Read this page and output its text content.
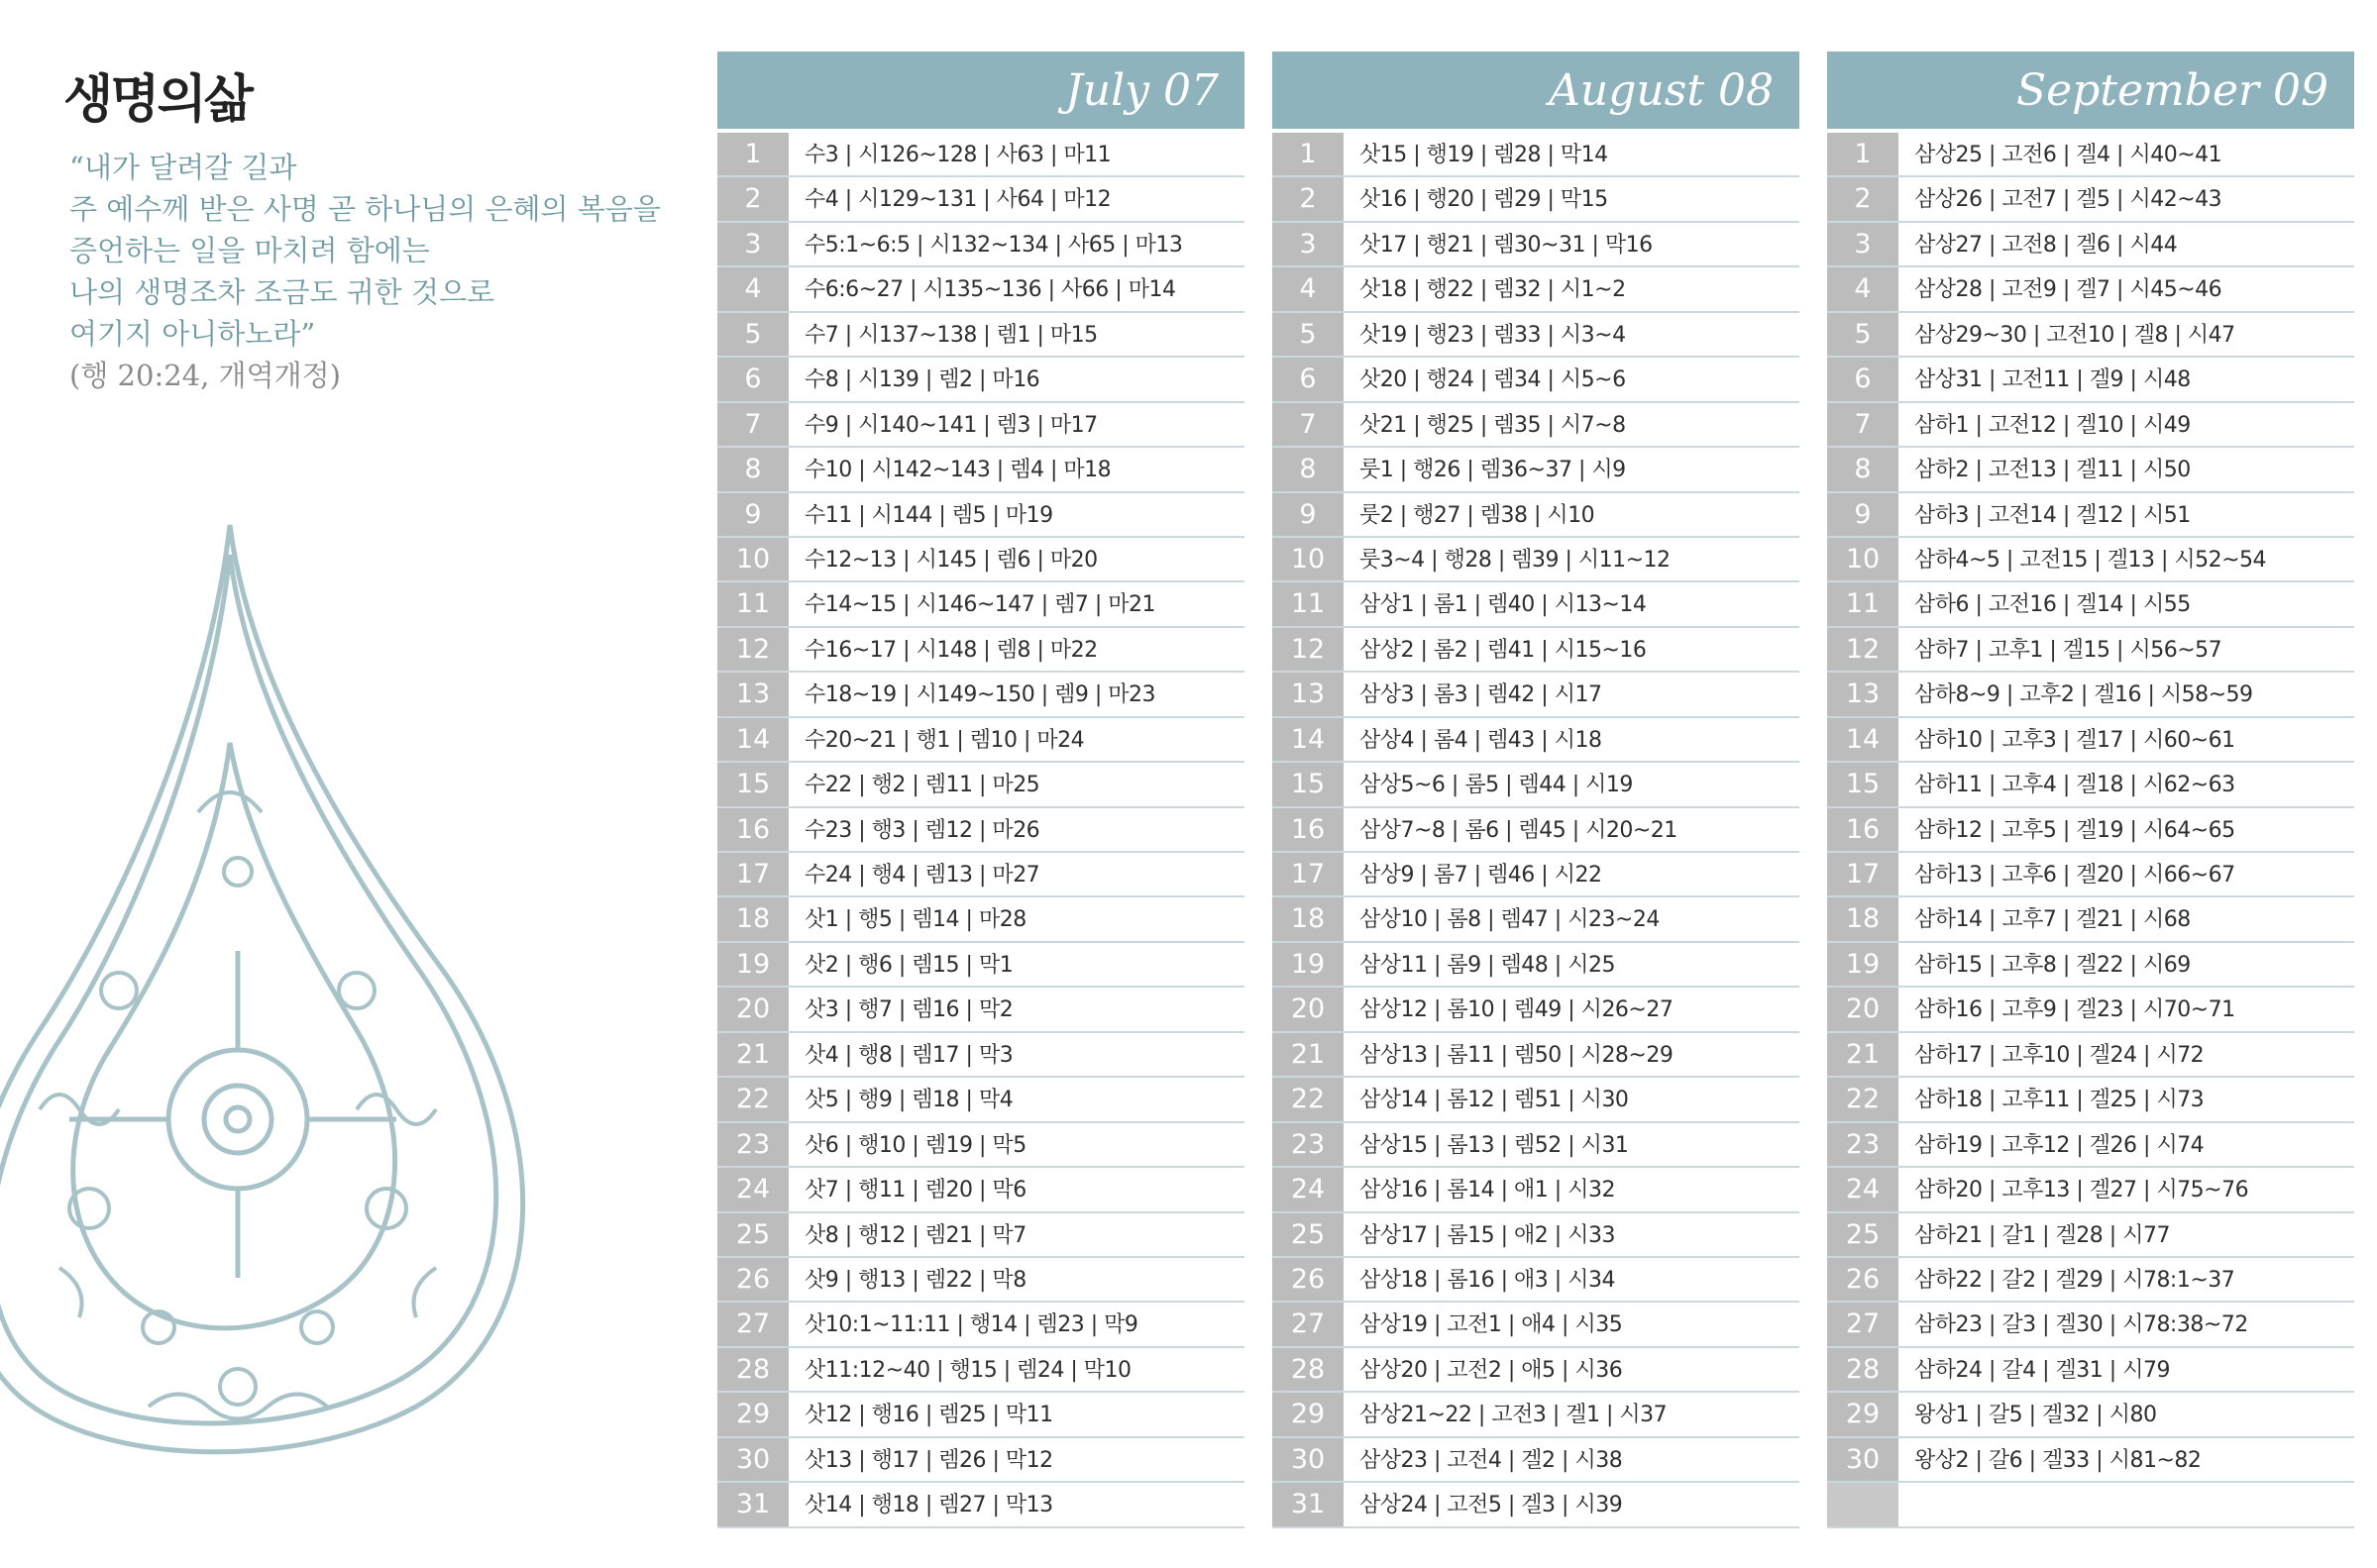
생명의삶
“내가 달려갈 길과
주 예수께 받은 사명 곧 하나님의 은혜의 복음을
증언하는 일을 마치려 함에는
나의 생명조차 조금도 귀한 것으로
여기지 아니하노라”
(행 20:24, 개역개정)
July 07
1	수3 | 시126~128 | 사63 | 마11
2	수4 | 시129~131 | 사64 | 마12
3	수5:1~6:5 | 시132~134 | 사65 | 마13
4	수6:6~27 | 시135~136 | 사66 | 마14
5	수7 | 시137~138 | 렘1 | 마15
6	수8 | 시139 | 렘2 | 마16
7	수9 | 시140~141 | 렘3 | 마17
8	수10 | 시142~143 | 렘4 | 마18
9	수11 | 시144 | 렘5 | 마19
10	수12~13 | 시145 | 렘6 | 마20
11	수14~15 | 시146~147 | 렘7 | 마21
12	수16~17 | 시148 | 렘8 | 마22
13	수18~19 | 시149~150 | 렘9 | 마23
14	수20~21 | 행1 | 렘10 | 마24
15	수22 | 행2 | 렘11 | 마25
16	수23 | 행3 | 렘12 | 마26
17	수24 | 행4 | 렘13 | 마27
18	삿1 | 행5 | 렘14 | 마28
19	삿2 | 행6 | 렘15 | 막1
20	삿3 | 행7 | 렘16 | 막2
21	삿4 | 행8 | 렘17 | 막3
22	삿5 | 행9 | 렘18 | 막4
23	삿6 | 행10 | 렘19 | 막5
24	삿7 | 행11 | 렘20 | 막6
25	삿8 | 행12 | 렘21 | 막7
26	삿9 | 행13 | 렘22 | 막8
27	삿10:1~11:11 | 행14 | 렘23 | 막9
28	삿11:12~40 | 행15 | 렘24 | 막10
29	삿12 | 행16 | 렘25 | 막11
30	삿13 | 행17 | 렘26 | 막12
31	삿14 | 행18 | 렘27 | 막13
August 08
1	삿15 | 행19 | 렘28 | 막14
2	삿16 | 행20 | 렘29 | 막15
3	삿17 | 행21 | 렘30~31 | 막16
4	삿18 | 행22 | 렘32 | 시1~2
5	삿19 | 행23 | 렘33 | 시3~4
6	삿20 | 행24 | 렘34 | 시5~6
7	삿21 | 행25 | 렘35 | 시7~8
8	룻1 | 행26 | 렘36~37 | 시9
9	룻2 | 행27 | 렘38 | 시10
10	룻3~4 | 행28 | 렘39 | 시11~12
11	삼상1 | 롬1 | 렘40 | 시13~14
12	삼상2 | 롬2 | 렘41 | 시15~16
13	삼상3 | 롬3 | 렘42 | 시17
14	삼상4 | 롬4 | 렘43 | 시18
15	삼상5~6 | 롬5 | 렘44 | 시19
16	삼상7~8 | 롬6 | 렘45 | 시20~21
17	삼상9 | 롬7 | 렘46 | 시22
18	삼상10 | 롬8 | 렘47 | 시23~24
19	삼상11 | 롬9 | 렘48 | 시25
20	삼상12 | 롬10 | 렘49 | 시26~27
21	삼상13 | 롬11 | 렘50 | 시28~29
22	삼상14 | 롬12 | 렘51 | 시30
23	삼상15 | 롬13 | 렘52 | 시31
24	삼상16 | 롬14 | 애1 | 시32
25	삼상17 | 롬15 | 애2 | 시33
26	삼상18 | 롬16 | 애3 | 시34
27	삼상19 | 고전1 | 애4 | 시35
28	삼상20 | 고전2 | 애5 | 시36
29	삼상21~22 | 고전3 | 겔1 | 시37
30	삼상23 | 고전4 | 겔2 | 시38
31	삼상24 | 고전5 | 겔3 | 시39
September 09
1	삼상25 | 고전6 | 겔4 | 시40~41
2	삼상26 | 고전7 | 겔5 | 시42~43
3	삼상27 | 고전8 | 겔6 | 시44
4	삼상28 | 고전9 | 겔7 | 시45~46
5	삼상29~30 | 고전10 | 겔8 | 시47
6	삼상31 | 고전11 | 겔9 | 시48
7	삼하1 | 고전12 | 겔10 | 시49
8	삼하2 | 고전13 | 겔11 | 시50
9	삼하3 | 고전14 | 겔12 | 시51
10	삼하4~5 | 고전15 | 겔13 | 시52~54
11	삼하6 | 고전16 | 겔14 | 시55
12	삼하7 | 고후1 | 겔15 | 시56~57
13	삼하8~9 | 고후2 | 겔16 | 시58~59
14	삼하10 | 고후3 | 겔17 | 시60~61
15	삼하11 | 고후4 | 겔18 | 시62~63
16	삼하12 | 고후5 | 겔19 | 시64~65
17	삼하13 | 고후6 | 겔20 | 시66~67
18	삼하14 | 고후7 | 겔21 | 시68
19	삼하15 | 고후8 | 겔22 | 시69
20	삼하16 | 고후9 | 겔23 | 시70~71
21	삼하17 | 고후10 | 겔24 | 시72
22	삼하18 | 고후11 | 겔25 | 시73
23	삼하19 | 고후12 | 겔26 | 시74
24	삼하20 | 고후13 | 겔27 | 시75~76
25	삼하21 | 갈1 | 겔28 | 시77
26	삼하22 | 갈2 | 겔29 | 시78:1~37
27	삼하23 | 갈3 | 겔30 | 시78:38~72
28	삼하24 | 갈4 | 겔31 | 시79
29	왕상1 | 갈5 | 겔32 | 시80
30	왕상2 | 갈6 | 겔33 | 시81~82
